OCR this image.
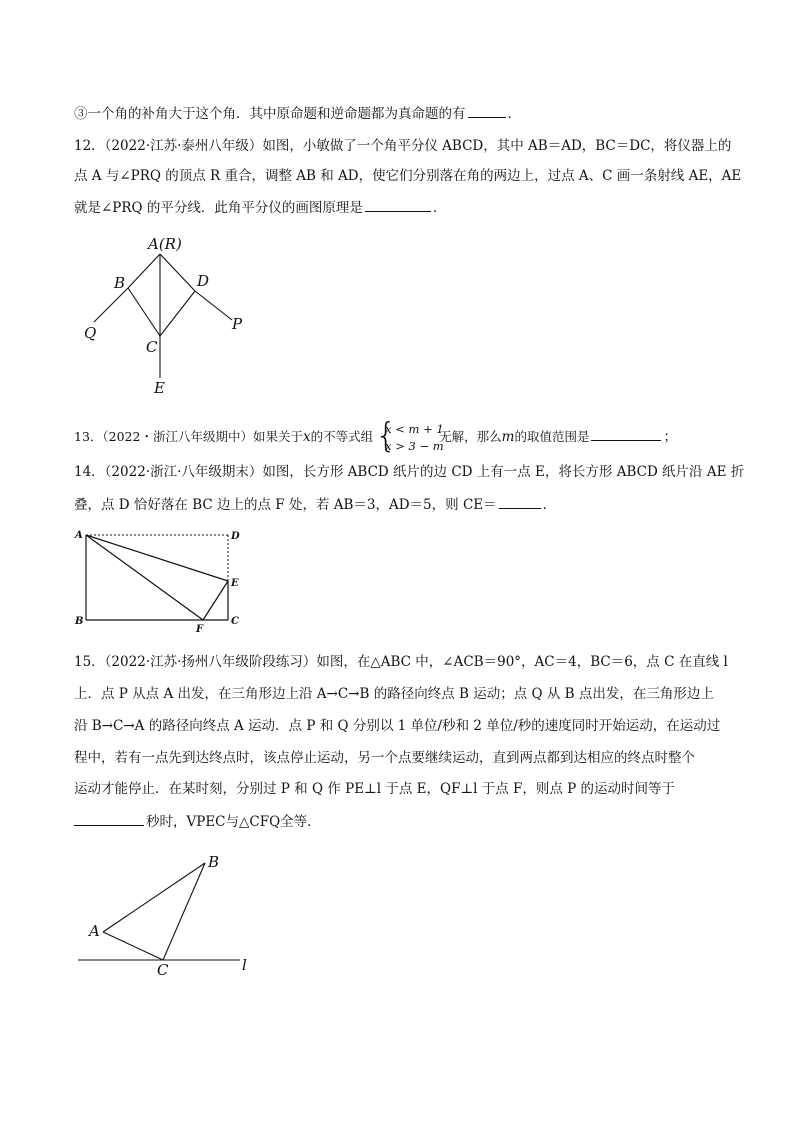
③一个角的补角大于这个角．其中原命题和逆命题都为真命题的有	．
12．（2022·江苏·泰州八年级）如图，小敏做了一个角平分仪 ABCD，其中 AB＝AD，BC＝DC，将仪器上的
点 A 与∠PRQ 的顶点 R 重合，调整 AB 和 AD，使它们分别落在角的两边上，过点 A、C 画一条射线 AE，AE
就是∠PRQ 的平分线．此角平分仪的画图原理是	．
A(R)
B	D
Q	P
C
E
13．（2022・浙江八年级期中）如果关于x的不等式组 {
x < m + 1
x > 3 − m
无解，那么m的取值范围是	；
14．（2022·浙江·八年级期末）如图，长方形 ABCD 纸片的边 CD 上有一点 E，将长方形 ABCD 纸片沿 AE 折
叠，点 D 恰好落在 BC 边上的点 F 处，若 AB＝3，AD＝5，则 CE＝	．
A	D
E
B
F
C
15．（2022·江苏·扬州八年级阶段练习）如图，在△ABC 中，∠ACB＝90°，AC＝4，BC＝6，点 C 在直线 l
上．点 P 从点 A 出发，在三角形边上沿 A→C→B 的路径向终点 B 运动；点 Q 从 B 点出发，在三角形边上
沿 B→C→A 的路径向终点 A 运动．点 P 和 Q 分别以 1 单位/秒和 2 单位/秒的速度同时开始运动，在运动过
程中，若有一点先到达终点时，该点停止运动，另一个点要继续运动，直到两点都到达相应的终点时整个
运动才能停止．在某时刻，分别过 P 和 Q 作 PE⊥l 于点 E，QF⊥l 于点 F，则点 P 的运动时间等于
秒时，VPEC与△CFQ全等．
B
A
C	l
